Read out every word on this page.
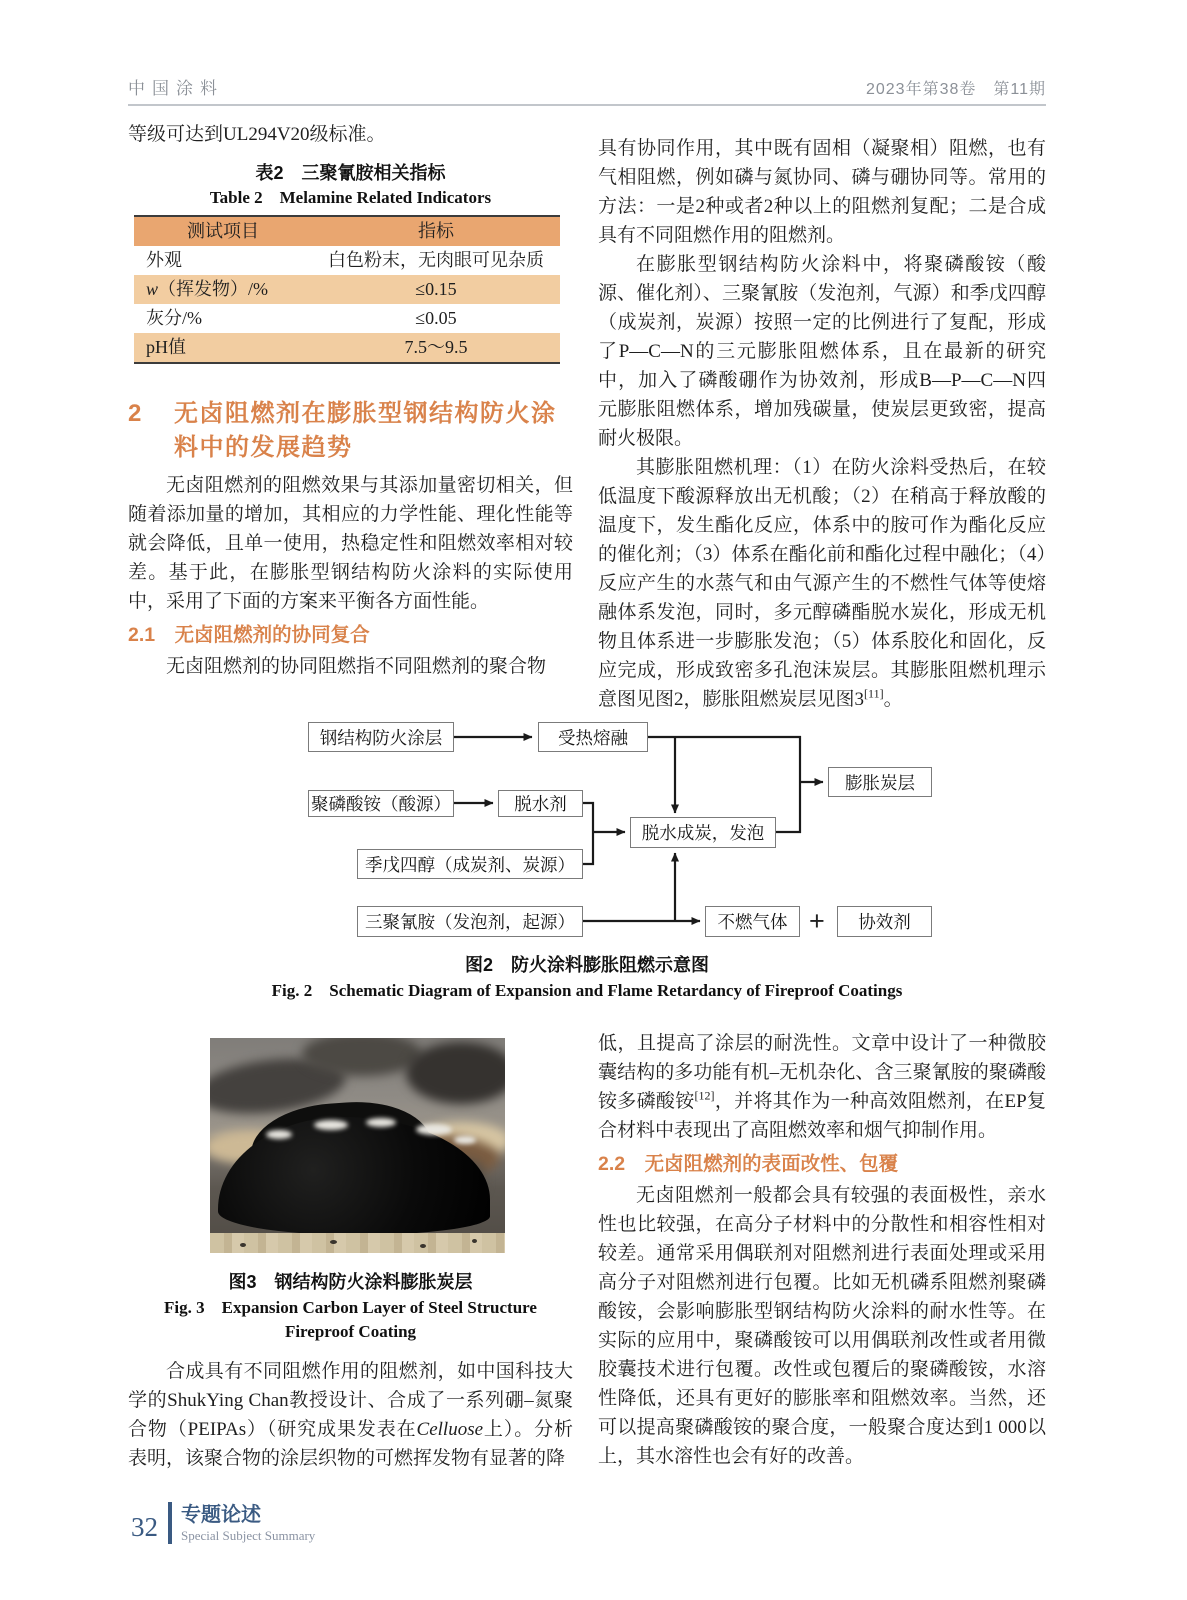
中国涂料	2023年第38卷　第11期

等级可达到UL294V20级标准。

表2　三聚氰胺相关指标
Table 2　Melamine Related Indicators
测试项目	指标
外观	白色粉末，无肉眼可见杂质
w（挥发物）/%	≤0.15
灰分/%	≤0.05
pH值	7.5～9.5
2	无卤阻燃剂在膨胀型钢结构防火涂料中的发展趋势

无卤阻燃剂的阻燃效果与其添加量密切相关，但随着添加量的增加，其相应的力学性能、理化性能等就会降低，且单一使用，热稳定性和阻燃效率相对较差。基于此，在膨胀型钢结构防火涂料的实际使用中，采用了下面的方案来平衡各方面性能。

2.1　无卤阻燃剂的协同复合

无卤阻燃剂的协同阻燃指不同阻燃剂的聚合物

具有协同作用，其中既有固相（凝聚相）阻燃，也有气相阻燃，例如磷与氮协同、磷与硼协同等。常用的方法：一是2种或者2种以上的阻燃剂复配；二是合成具有不同阻燃作用的阻燃剂。

在膨胀型钢结构防火涂料中，将聚磷酸铵（酸源、催化剂）、三聚氰胺（发泡剂，气源）和季戊四醇（成炭剂，炭源）按照一定的比例进行了复配，形成了P—C—N的三元膨胀阻燃体系，且在最新的研究中，加入了磷酸硼作为协效剂，形成B—P—C—N四元膨胀阻燃体系，增加残碳量，使炭层更致密，提高耐火极限。

其膨胀阻燃机理：（1）在防火涂料受热后，在较低温度下酸源释放出无机酸；（2）在稍高于释放酸的温度下，发生酯化反应，体系中的胺可作为酯化反应的催化剂；（3）体系在酯化前和酯化过程中融化；（4）反应产生的水蒸气和由气源产生的不燃性气体等使熔融体系发泡，同时，多元醇磷酯脱水炭化，形成无机物且体系进一步膨胀发泡；（5）体系胶化和固化，反应完成，形成致密多孔泡沫炭层。其膨胀阻燃机理示意图见图2，膨胀阻燃炭层见图3[11]。

钢结构防火涂层	受热熔融
膨胀炭层
聚磷酸铵（酸源）	脱水剂
季戊四醇（成炭剂、炭源）
脱水成炭，发泡
三聚氰胺（发泡剂，起源）	不燃气体 +	协效剂
图2　防火涂料膨胀阻燃示意图
Fig. 2　Schematic Diagram of Expansion and Flame Retardancy of Fireproof Coatings
图3　钢结构防火涂料膨胀炭层
Fig. 3　Expansion Carbon Layer of Steel Structure
Fireproof Coating

合成具有不同阻燃作用的阻燃剂，如中国科技大学的ShukYing Chan教授设计、合成了一系列硼–氮聚合物（PEIPAs）（研究成果发表在Celluose上）。分析表明，该聚合物的涂层织物的可燃挥发物有显著的降

低，且提高了涂层的耐洗性。文章中设计了一种微胶囊结构的多功能有机–无机杂化、含三聚氰胺的聚磷酸铵多磷酸铵[12]，并将其作为一种高效阻燃剂，在EP复合材料中表现出了高阻燃效率和烟气抑制作用。

2.2　无卤阻燃剂的表面改性、包覆

无卤阻燃剂一般都会具有较强的表面极性，亲水性也比较强，在高分子材料中的分散性和相容性相对较差。通常采用偶联剂对阻燃剂进行表面处理或采用高分子对阻燃剂进行包覆。比如无机磷系阻燃剂聚磷酸铵，会影响膨胀型钢结构防火涂料的耐水性等。在实际的应用中，聚磷酸铵可以用偶联剂改性或者用微胶囊技术进行包覆。改性或包覆后的聚磷酸铵，水溶性降低，还具有更好的膨胀率和阻燃效率。当然，还可以提高聚磷酸铵的聚合度，一般聚合度达到1 000以上，其水溶性也会有好的改善。

32 专题论述
Special Subject Summary
